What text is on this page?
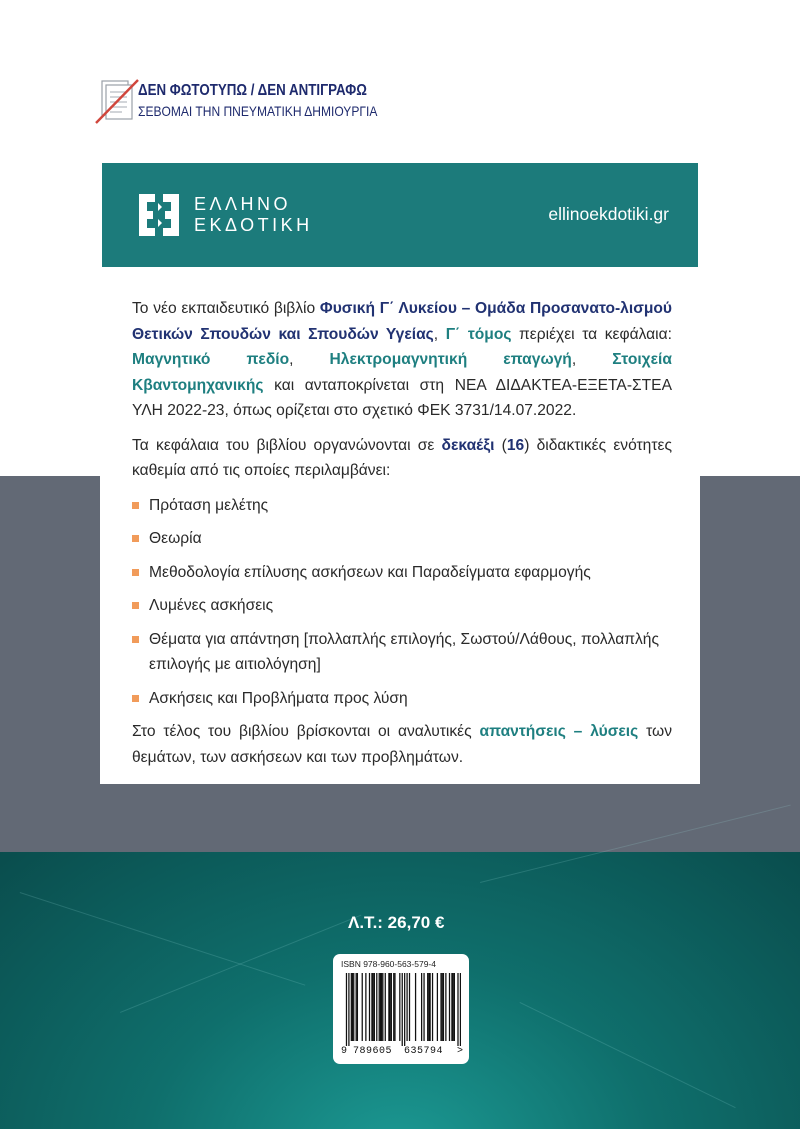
ΔΕΝ ΦΩΤΟΤΥΠΩ / ΔΕΝ ΑΝΤΙΓΡΑΦΩ
ΣΕΒΟΜΑΙ ΤΗΝ ΠΝΕΥΜΑΤΙΚΗ ΔΗΜΙΟΥΡΓΙΑ
ΕΛΛΗΝΟ
ΕΚΔΟΤΙΚΗ
ellinoekdotiki.gr

Το νέο εκπαιδευτικό βιβλίο Φυσική Γ΄ Λυκείου – Ομάδα Προσανατο-λισμού Θετικών Σπουδών και Σπουδών Υγείας, Γ΄ τόμος περιέχει τα κεφάλαια: Μαγνητικό πεδίο, Ηλεκτρομαγνητική επαγωγή, Στοιχεία Κβαντομηχανικής και ανταποκρίνεται στη ΝΕΑ ΔΙΔΑΚΤΕΑ-ΕΞΕΤΑ-ΣΤΕΑ ΥΛΗ 2022-23, όπως ορίζεται στο σχετικό ΦΕΚ 3731/14.07.2022.

Τα κεφάλαια του βιβλίου οργανώνονται σε δεκαέξι (16) διδακτικές ενότητες καθεμία από τις οποίες περιλαμβάνει:

Πρόταση μελέτης
Θεωρία
Μεθοδολογία επίλυσης ασκήσεων και Παραδείγματα εφαρμογής
Λυμένες ασκήσεις
Θέματα για απάντηση [πολλαπλής επιλογής, Σωστού/Λάθους, πολλαπλής επιλογής με αιτιολόγηση]
Ασκήσεις και Προβλήματα προς λύση

Στο τέλος του βιβλίου βρίσκονται οι αναλυτικές απαντήσεις – λύσεις των θεμάτων, των ασκήσεων και των προβλημάτων.

Λ.Τ.: 26,70 €
ISBN 978-960-563-579-4
9 789605 635794 >
